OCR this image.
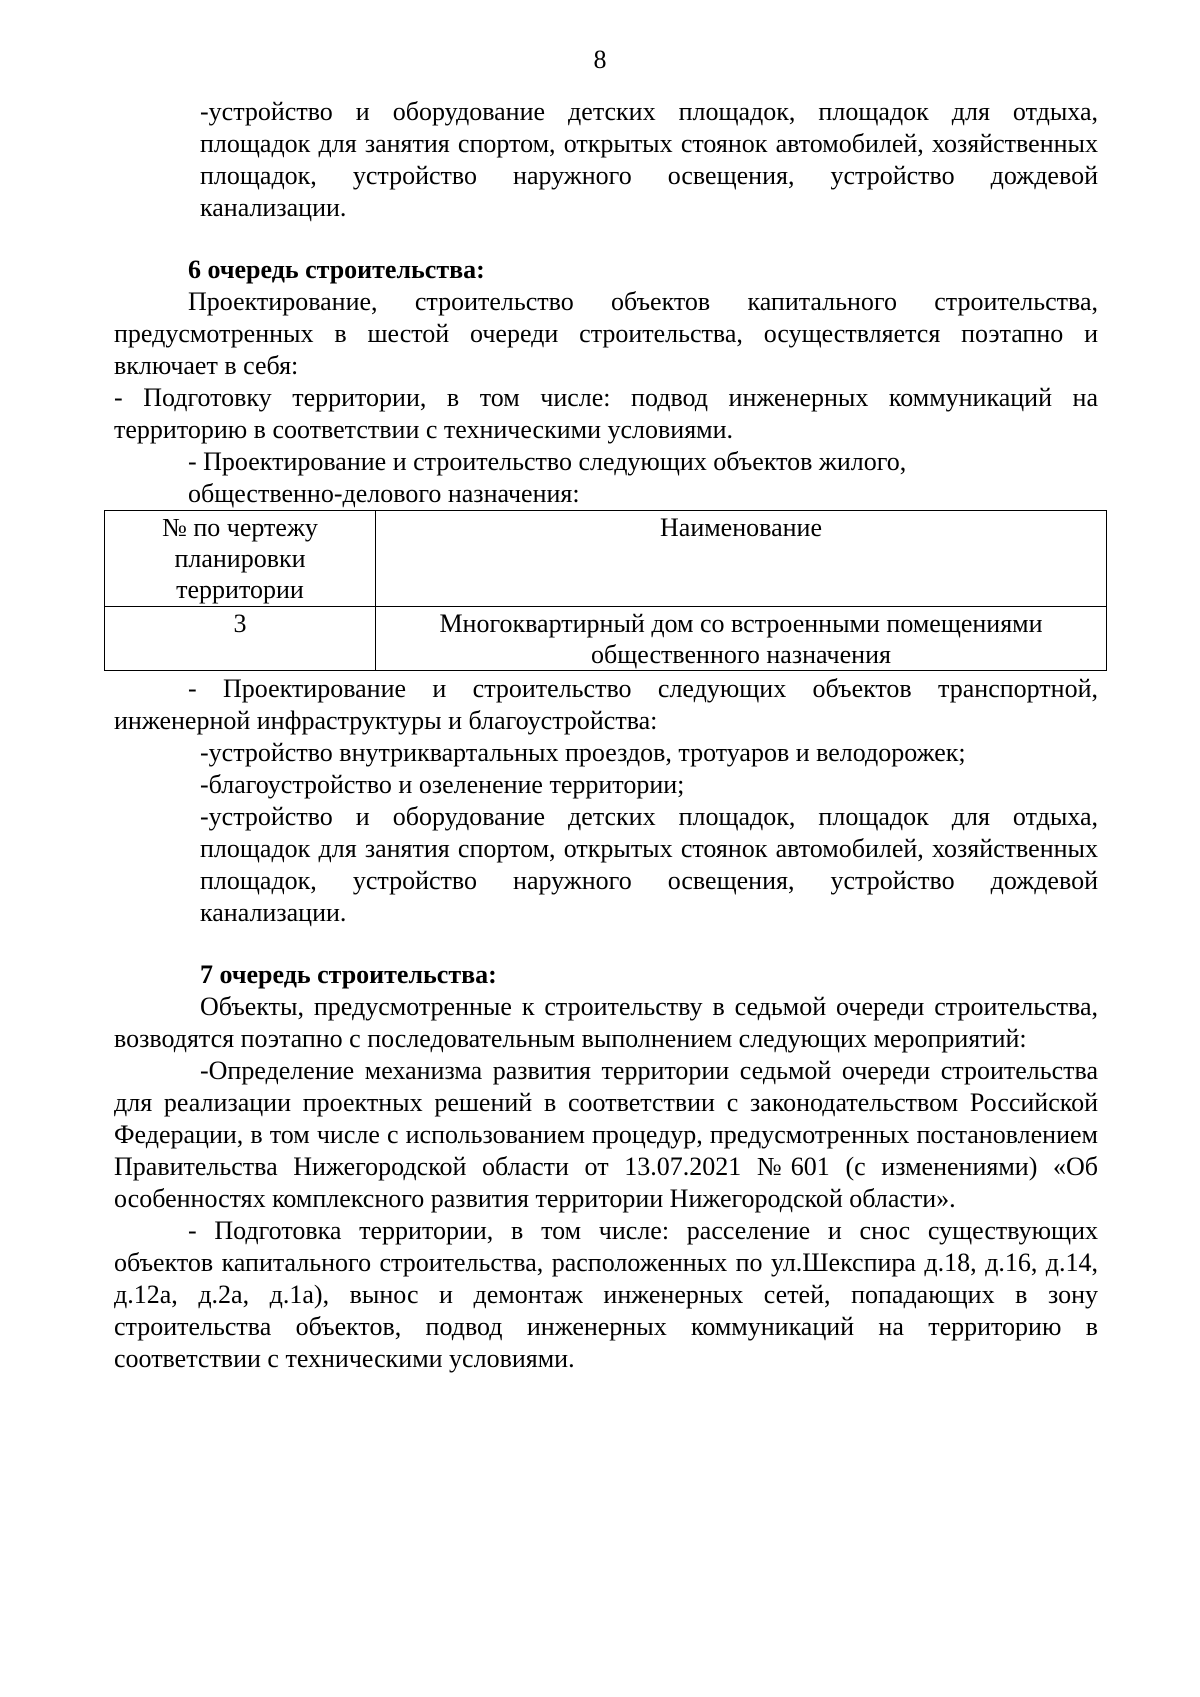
8

-устройство и оборудование детских площадок, площадок для отдыха, площадок для занятия спортом, открытых стоянок автомобилей, хозяйственных площадок, устройство наружного освещения, устройство дождевой канализации.

6 очередь строительства:

Проектирование, строительство объектов капитального строительства, предусмотренных в шестой очереди строительства, осуществляется поэтапно и включает в себя:

- Подготовку территории, в том числе: подвод инженерных коммуникаций на территорию в соответствии с техническими условиями.

- Проектирование и строительство следующих объектов жилого,

общественно-делового назначения:

№ по чертежу планировки территории	Наименование
3	Многоквартирный дом со встроенными помещениями общественного назначения

- Проектирование и строительство следующих объектов транспортной, инженерной инфраструктуры и благоустройства:

-устройство внутриквартальных проездов, тротуаров и велодорожек;

-благоустройство и озеленение территории;

-устройство и оборудование детских площадок, площадок для отдыха, площадок для занятия спортом, открытых стоянок автомобилей, хозяйственных площадок, устройство наружного освещения, устройство дождевой канализации.

7 очередь строительства:

Объекты, предусмотренные к строительству в седьмой очереди строительства, возводятся поэтапно с последовательным выполнением следующих мероприятий:

-Определение механизма развития территории седьмой очереди строительства для реализации проектных решений в соответствии с законодательством Российской Федерации, в том числе с использованием процедур, предусмотренных постановлением Правительства Нижегородской области от 13.07.2021 №601 (с изменениями) «Об особенностях комплексного развития территории Нижегородской области».

- Подготовка территории, в том числе: расселение и снос существующих объектов капитального строительства, расположенных по ул.Шекспира д.18, д.16, д.14, д.12а, д.2а, д.1а), вынос и демонтаж инженерных сетей, попадающих в зону строительства объектов, подвод инженерных коммуникаций на территорию в соответствии с техническими условиями.
